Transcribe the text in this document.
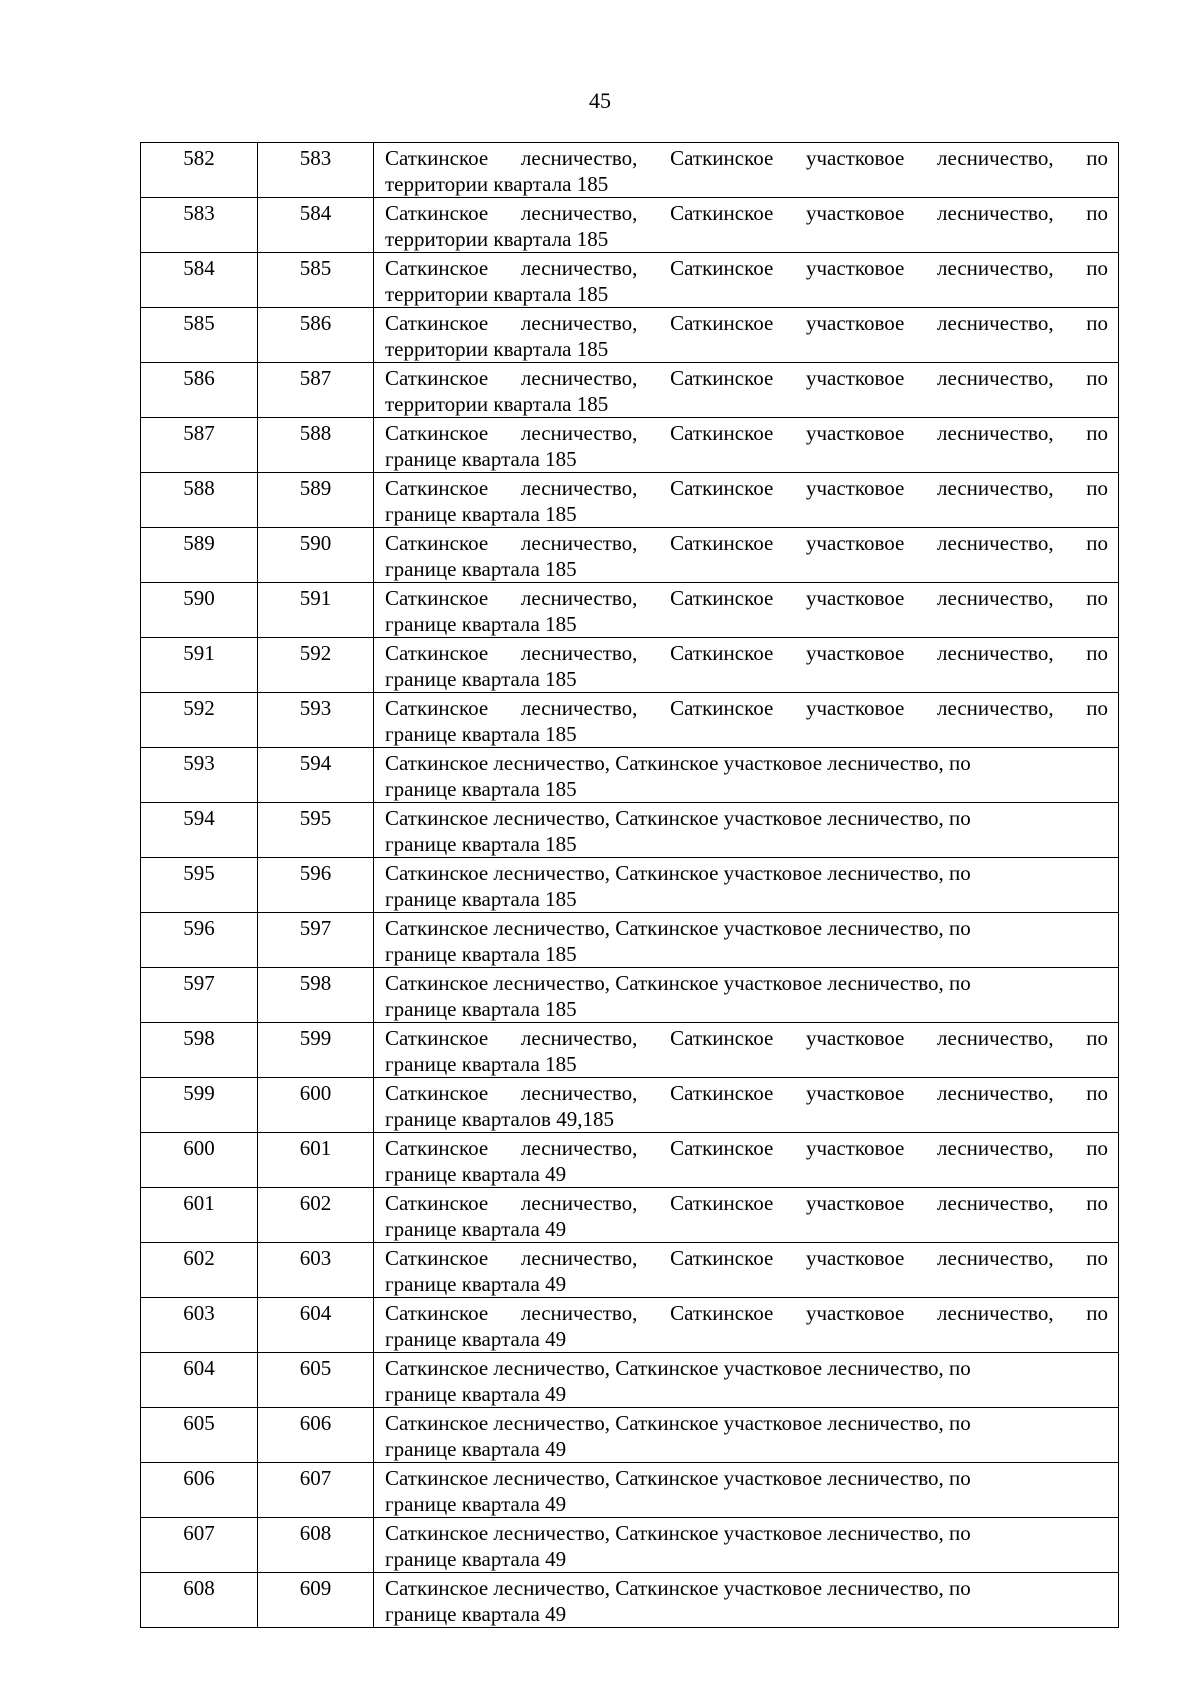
45
582	583	Саткинское лесничество, Саткинское участковое лесничество, по
территории квартала 185

583	584	Саткинское лесничество, Саткинское участковое лесничество, по
территории квартала 185

584	585	Саткинское лесничество, Саткинское участковое лесничество, по
территории квартала 185

585	586	Саткинское лесничество, Саткинское участковое лесничество, по
территории квартала 185

586	587	Саткинское лесничество, Саткинское участковое лесничество, по
территории квартала 185

587	588	Саткинское лесничество, Саткинское участковое лесничество, по
границе квартала 185

588	589	Саткинское лесничество, Саткинское участковое лесничество, по
границе квартала 185

589	590	Саткинское лесничество, Саткинское участковое лесничество, по
границе квартала 185

590	591	Саткинское лесничество, Саткинское участковое лесничество, по
границе квартала 185

591	592	Саткинское лесничество, Саткинское участковое лесничество, по
границе квартала 185

592	593	Саткинское лесничество, Саткинское участковое лесничество, по
границе квартала 185

593	594	Саткинское лесничество, Саткинское участковое лесничество, по
границе квартала 185

594	595	Саткинское лесничество, Саткинское участковое лесничество, по
границе квартала 185

595	596	Саткинское лесничество, Саткинское участковое лесничество, по
границе квартала 185

596	597	Саткинское лесничество, Саткинское участковое лесничество, по
границе квартала 185

597	598	Саткинское лесничество, Саткинское участковое лесничество, по
границе квартала 185

598	599	Саткинское лесничество, Саткинское участковое лесничество, по
границе квартала 185

599	600	Саткинское лесничество, Саткинское участковое лесничество, по
границе кварталов 49,185

600	601	Саткинское лесничество, Саткинское участковое лесничество, по
границе квартала 49

601	602	Саткинское лесничество, Саткинское участковое лесничество, по
границе квартала 49

602	603	Саткинское лесничество, Саткинское участковое лесничество, по
границе квартала 49

603	604	Саткинское лесничество, Саткинское участковое лесничество, по
границе квартала 49

604	605	Саткинское лесничество, Саткинское участковое лесничество, по
границе квартала 49

605	606	Саткинское лесничество, Саткинское участковое лесничество, по
границе квартала 49

606	607	Саткинское лесничество, Саткинское участковое лесничество, по
границе квартала 49

607	608	Саткинское лесничество, Саткинское участковое лесничество, по
границе квартала 49

608	609	Саткинское лесничество, Саткинское участковое лесничество, по
границе квартала 49
